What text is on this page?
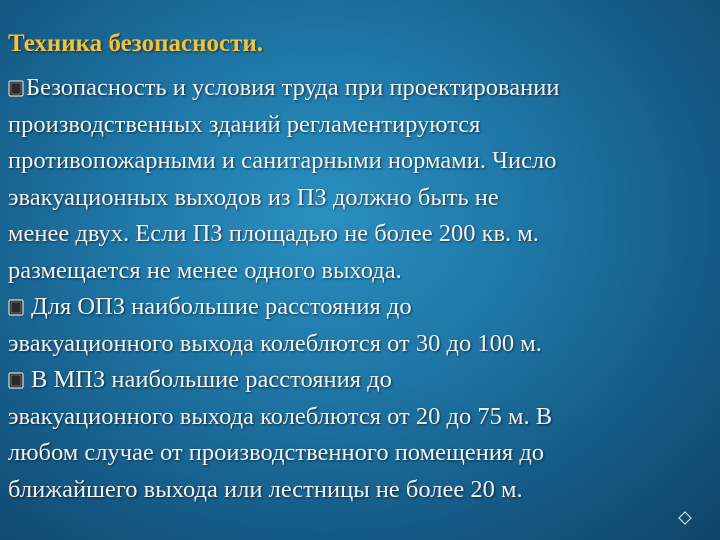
Техника безопасности.

Безопасность и условия труда при проектировании
производственных зданий регламентируются
противопожарными и санитарными нормами. Число
эвакуационных выходов из ПЗ должно быть не
менее двух. Если ПЗ площадью не более 200 кв. м.
размещается не менее одного выхода.

Для ОПЗ наибольшие расстояния до
эвакуационного выхода колеблются от 30 до 100 м.

В МПЗ наибольшие расстояния до
эвакуационного выхода колеблются от 20 до 75 м. В
любом случае от производственного помещения до
ближайшего выхода или лестницы не более 20 м.
